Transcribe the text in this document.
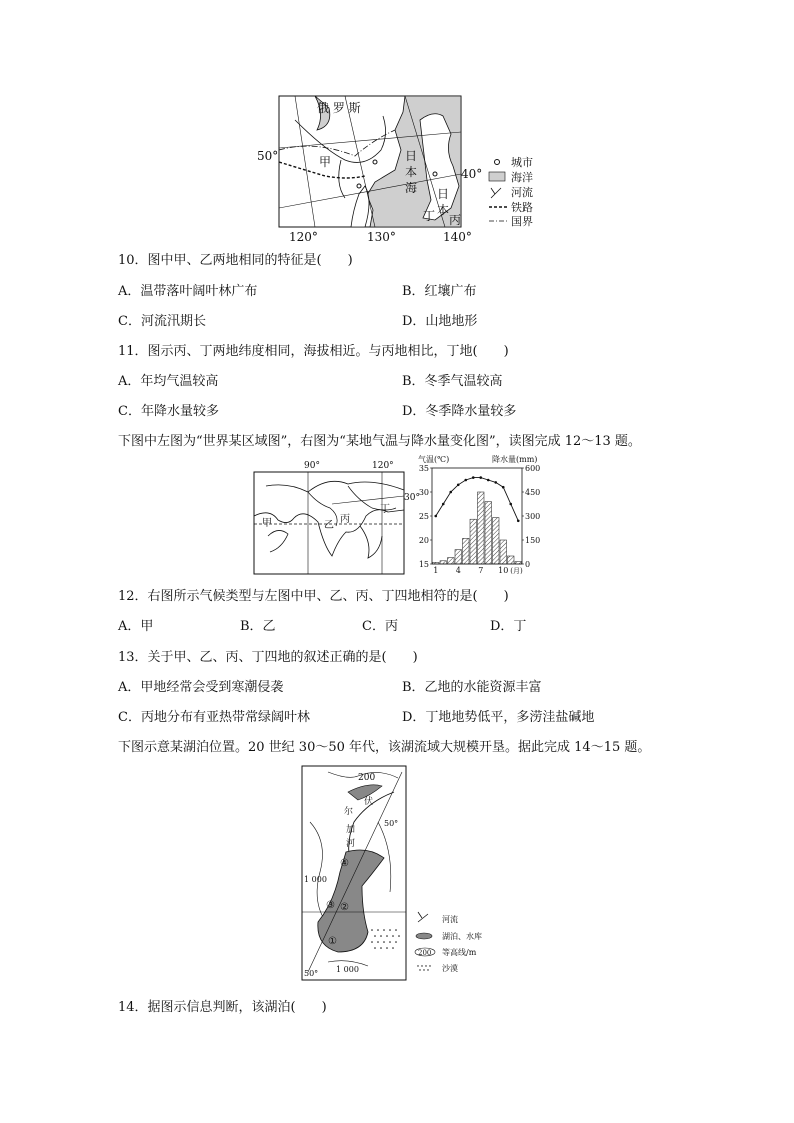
俄 罗 斯
甲	日
本
海 日
本
丙
丁
50°
40°
120°	130°	140°
城市
海洋
河流
铁路
国界
10．图中甲、乙两地相同的特征是(　　)
A．温带落叶阔叶林广布	B．红壤广布
C．河流汛期长	D．山地地形
11．图示丙、丁两地纬度相同，海拔相近。与丙地相比，丁地(　　)
A．年均气温较高	B．冬季气温较高
C．年降水量较多	D．冬季降水量较多
下图中左图为“世界某区域图”，右图为“某地气温与降水量变化图”，读图完成 12～13 题。
90°	120°
30°
甲	乙
丙
丁
气温(℃)	降水量(mm)
35
30
25
20
15
600
450
300
150
0
1 4 7 10 (月)
12．右图所示气候类型与左图中甲、乙、丙、丁四地相符的是(　　)
A．甲	B．乙	C．丙	D．丁
13．关于甲、乙、丙、丁四地的叙述正确的是(　　)
A．甲地经常会受到寒潮侵袭	B．乙地的水能资源丰富
C．丙地分布有亚热带常绿阔叶林	D．丁地地势低平，多涝洼盐碱地
下图示意某湖泊位置。20 世纪 30～50 年代，该湖流域大规模开垦。据此完成 14～15 题。
200
1 000
1 000
50°
50°
伏
尔
加
河
④
②
③
①
河流
湖泊、水库
200 等高线/m
沙漠
14．据图示信息判断，该湖泊(　　)
